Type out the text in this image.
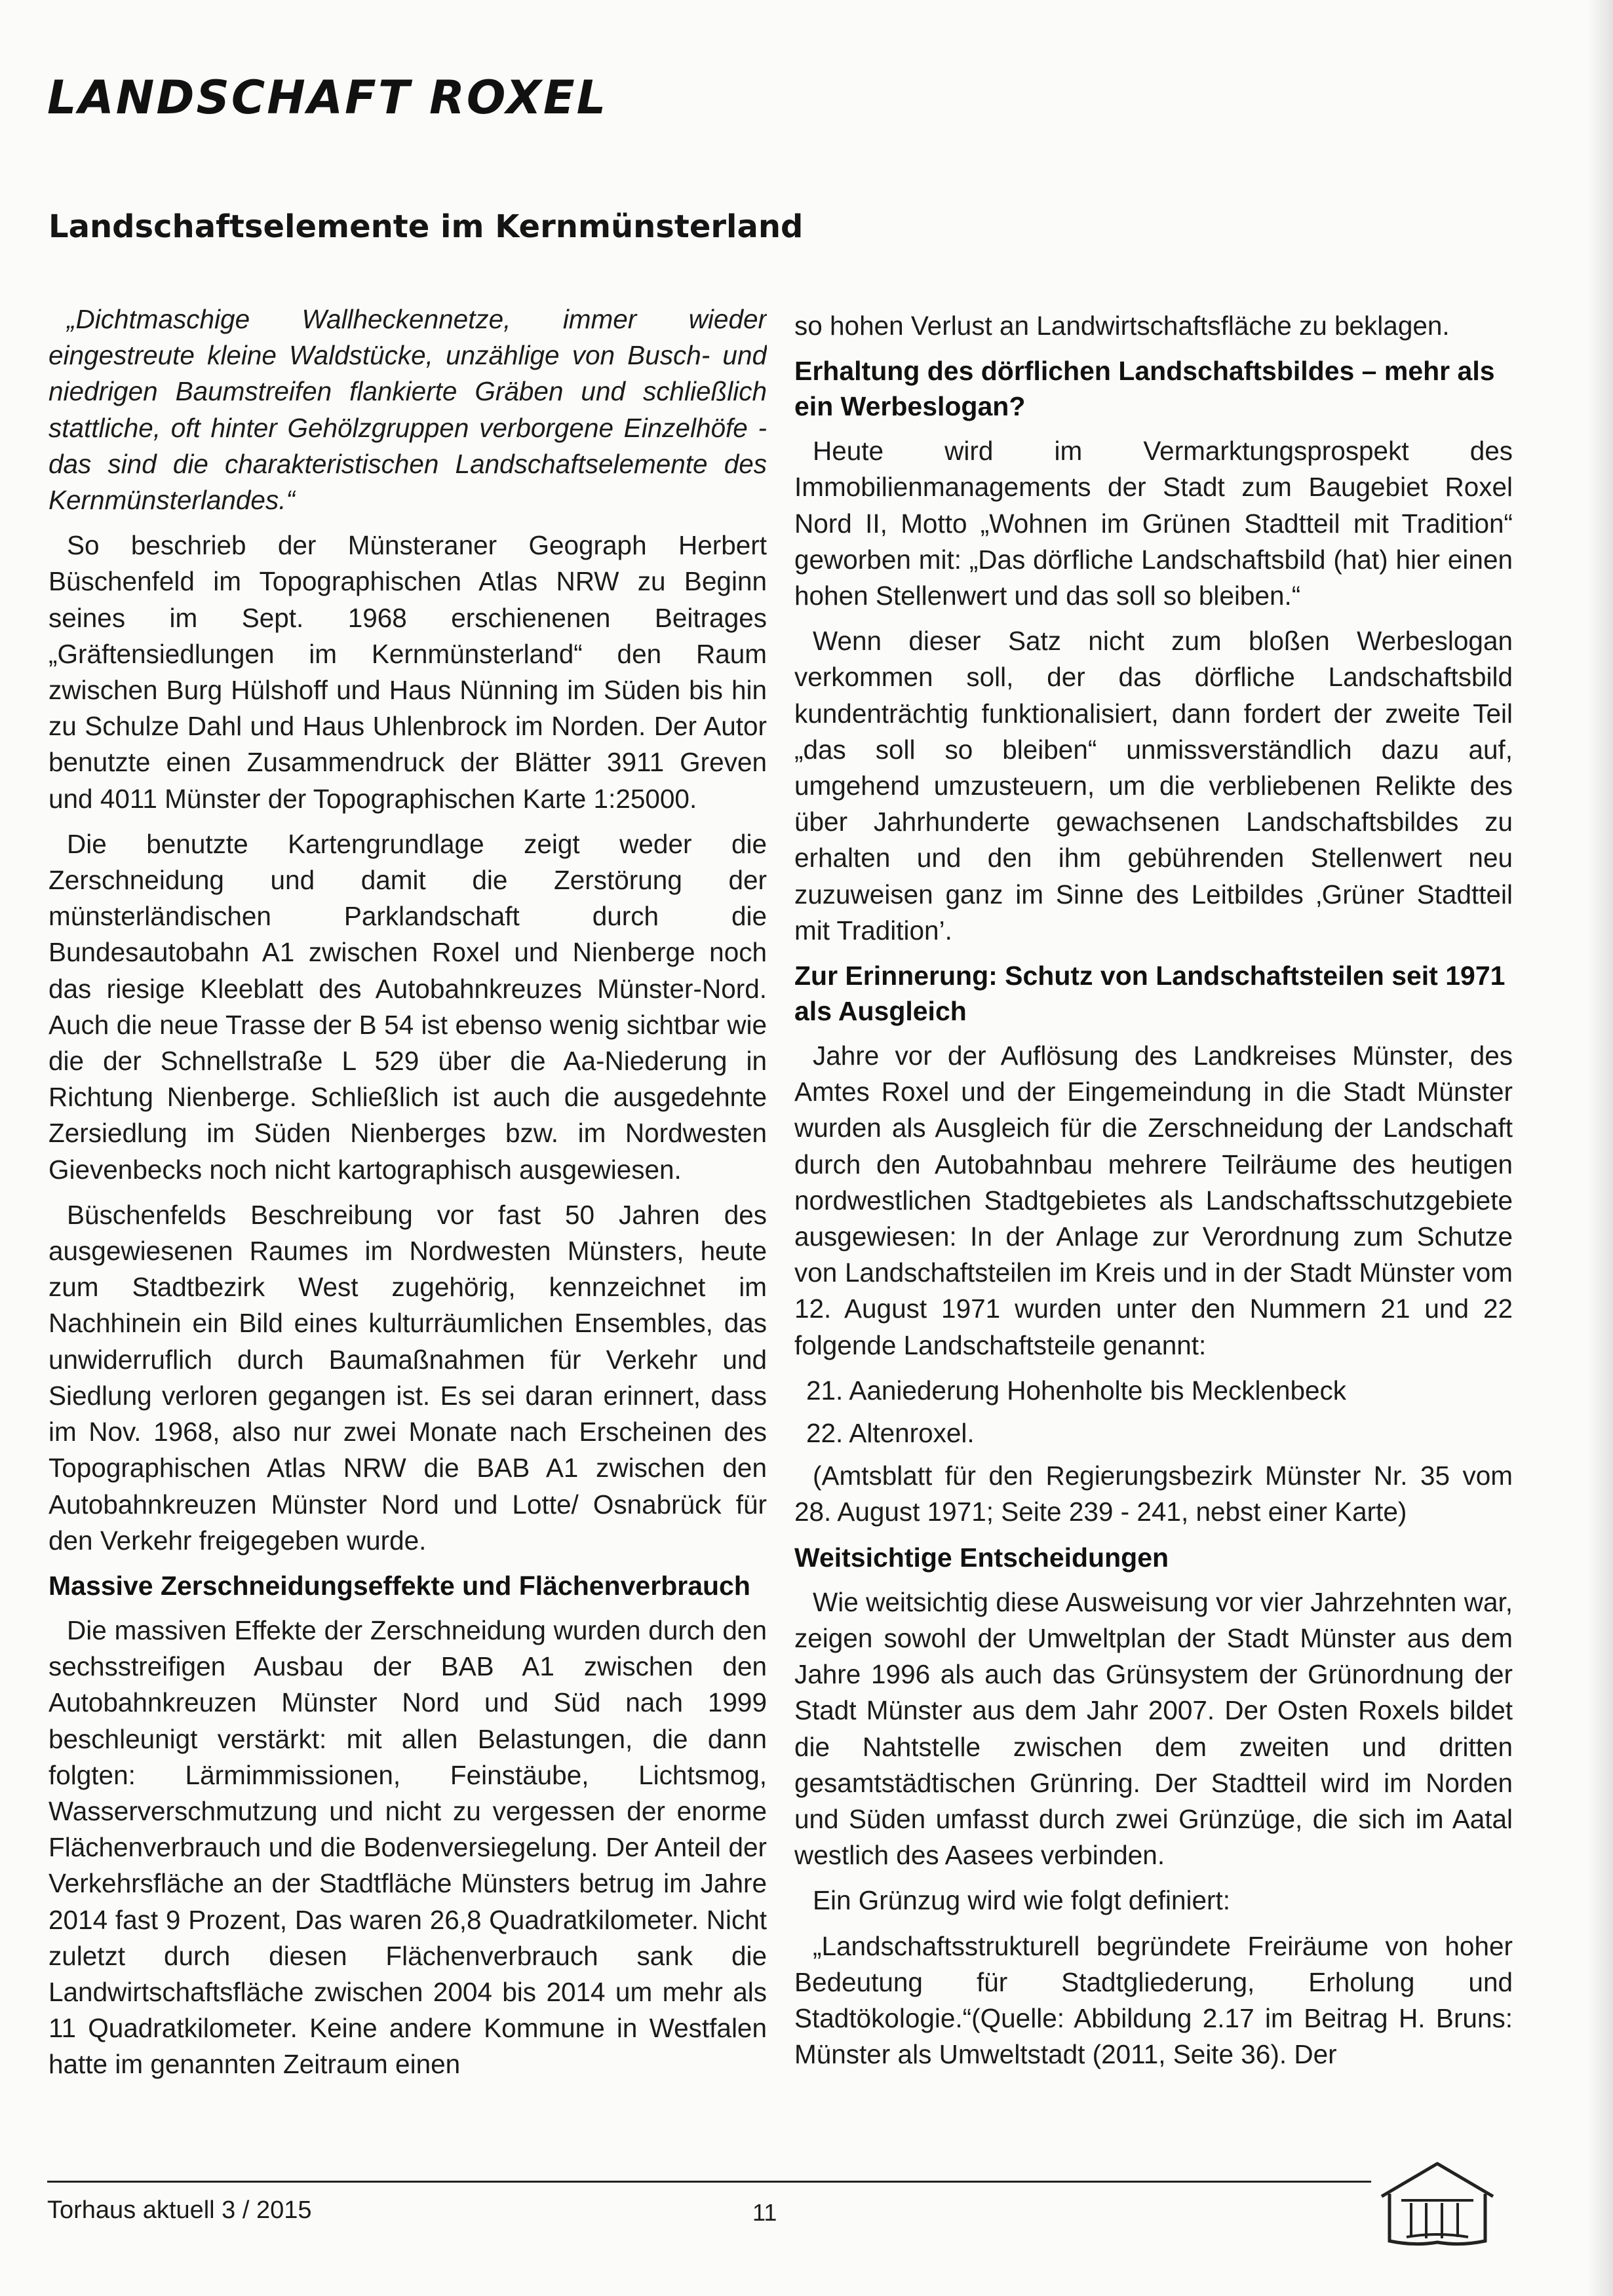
LANDSCHAFT ROXEL
Landschaftselemente im Kernmünsterland

„Dichtmaschige Wallheckennetze, immer wieder eingestreute kleine Waldstücke, unzählige von Busch- und niedrigen Baumstreifen flankierte Gräben und schließlich stattliche, oft hinter Gehölzgruppen verborgene Einzelhöfe - das sind die charakteristischen Landschaftselemente des Kernmünsterlandes.“

So beschrieb der Münsteraner Geograph Herbert Büschenfeld im Topographischen Atlas NRW zu Beginn seines im Sept. 1968 erschienenen Beitrages „Gräftensiedlungen im Kernmünsterland“ den Raum zwischen Burg Hülshoff und Haus Nünning im Süden bis hin zu Schulze Dahl und Haus Uhlenbrock im Norden. Der Autor benutzte einen Zusammendruck der Blätter 3911 Greven und 4011 Münster der Topographischen Karte 1:25000.

Die benutzte Kartengrundlage zeigt weder die Zerschneidung und damit die Zerstörung der münsterländischen Parklandschaft durch die Bundesautobahn A1 zwischen Roxel und Nienberge noch das riesige Kleeblatt des Autobahnkreuzes Münster-Nord. Auch die neue Trasse der B 54 ist ebenso wenig sichtbar wie die der Schnellstraße L 529 über die Aa-Niederung in Richtung Nienberge. Schließlich ist auch die ausgedehnte Zersiedlung im Süden Nienberges bzw. im Nordwesten Gievenbecks noch nicht kartographisch ausgewiesen.

Büschenfelds Beschreibung vor fast 50 Jahren des ausgewiesenen Raumes im Nordwesten Münsters, heute zum Stadtbezirk West zugehörig, kennzeichnet im Nachhinein ein Bild eines kulturräumlichen Ensembles, das unwiderruflich durch Baumaßnahmen für Verkehr und Siedlung verloren gegangen ist. Es sei daran erinnert, dass im Nov. 1968, also nur zwei Monate nach Erscheinen des Topographischen Atlas NRW die BAB A1 zwischen den Autobahnkreuzen Münster Nord und Lotte/ Osnabrück für den Verkehr freigegeben wurde.

Massive Zerschneidungseffekte und Flächenverbrauch

Die massiven Effekte der Zerschneidung wurden durch den sechsstreifigen Ausbau der BAB A1 zwischen den Autobahnkreuzen Münster Nord und Süd nach 1999 beschleunigt verstärkt: mit allen Belastungen, die dann folgten: Lärmimmissionen, Feinstäube, Lichtsmog, Wasserverschmutzung und nicht zu vergessen der enorme Flächenverbrauch und die Bodenversiegelung. Der Anteil der Verkehrsfläche an der Stadtfläche Münsters betrug im Jahre 2014 fast 9 Prozent, Das waren 26,8 Quadratkilometer. Nicht zuletzt durch diesen Flächenverbrauch sank die Landwirtschaftsfläche zwischen 2004 bis 2014 um mehr als 11 Quadratkilometer. Keine andere Kommune in Westfalen hatte im genannten Zeitraum einen

so hohen Verlust an Landwirtschaftsfläche zu beklagen.

Erhaltung des dörflichen Landschaftsbildes – mehr als ein Werbeslogan?

Heute wird im Vermarktungsprospekt des Immobilienmanagements der Stadt zum Baugebiet Roxel Nord II, Motto „Wohnen im Grünen Stadtteil mit Tradition“ geworben mit: „Das dörfliche Landschaftsbild (hat) hier einen hohen Stellenwert und das soll so bleiben.“

Wenn dieser Satz nicht zum bloßen Werbeslogan verkommen soll, der das dörfliche Landschaftsbild kundenträchtig funktionalisiert, dann fordert der zweite Teil „das soll so bleiben“ unmissverständlich dazu auf, umgehend umzusteuern, um die verbliebenen Relikte des über Jahrhunderte gewachsenen Landschaftsbildes zu erhalten und den ihm gebührenden Stellenwert neu zuzuweisen ganz im Sinne des Leitbildes ‚Grüner Stadtteil mit Tradition’.

Zur Erinnerung: Schutz von Landschaftsteilen seit 1971 als Ausgleich

Jahre vor der Auflösung des Landkreises Münster, des Amtes Roxel und der Eingemeindung in die Stadt Münster wurden als Ausgleich für die Zerschneidung der Landschaft durch den Autobahnbau mehrere Teilräume des heutigen nordwestlichen Stadtgebietes als Landschaftsschutzgebiete ausgewiesen: In der Anlage zur Verordnung zum Schutze von Landschaftsteilen im Kreis und in der Stadt Münster vom 12. August 1971 wurden unter den Nummern 21 und 22 folgende Landschaftsteile genannt:

21. Aaniederung Hohenholte bis Mecklenbeck

22. Altenroxel.

(Amtsblatt für den Regierungsbezirk Münster Nr. 35 vom 28. August 1971; Seite 239 - 241, nebst einer Karte)

Weitsichtige Entscheidungen

Wie weitsichtig diese Ausweisung vor vier Jahrzehnten war, zeigen sowohl der Umweltplan der Stadt Münster aus dem Jahre 1996 als auch das Grünsystem der Grünordnung der Stadt Münster aus dem Jahr 2007. Der Osten Roxels bildet die Nahtstelle zwischen dem zweiten und dritten gesamtstädtischen Grünring. Der Stadtteil wird im Norden und Süden umfasst durch zwei Grünzüge, die sich im Aatal westlich des Aasees verbinden.

Ein Grünzug wird wie folgt definiert:

„Landschaftsstrukturell begründete Freiräume von hoher Bedeutung für Stadtgliederung, Erholung und Stadtökologie.“(Quelle: Abbildung 2.17 im Beitrag H. Bruns: Münster als Umweltstadt (2011, Seite 36). Der

Torhaus aktuell 3 / 2015	11
